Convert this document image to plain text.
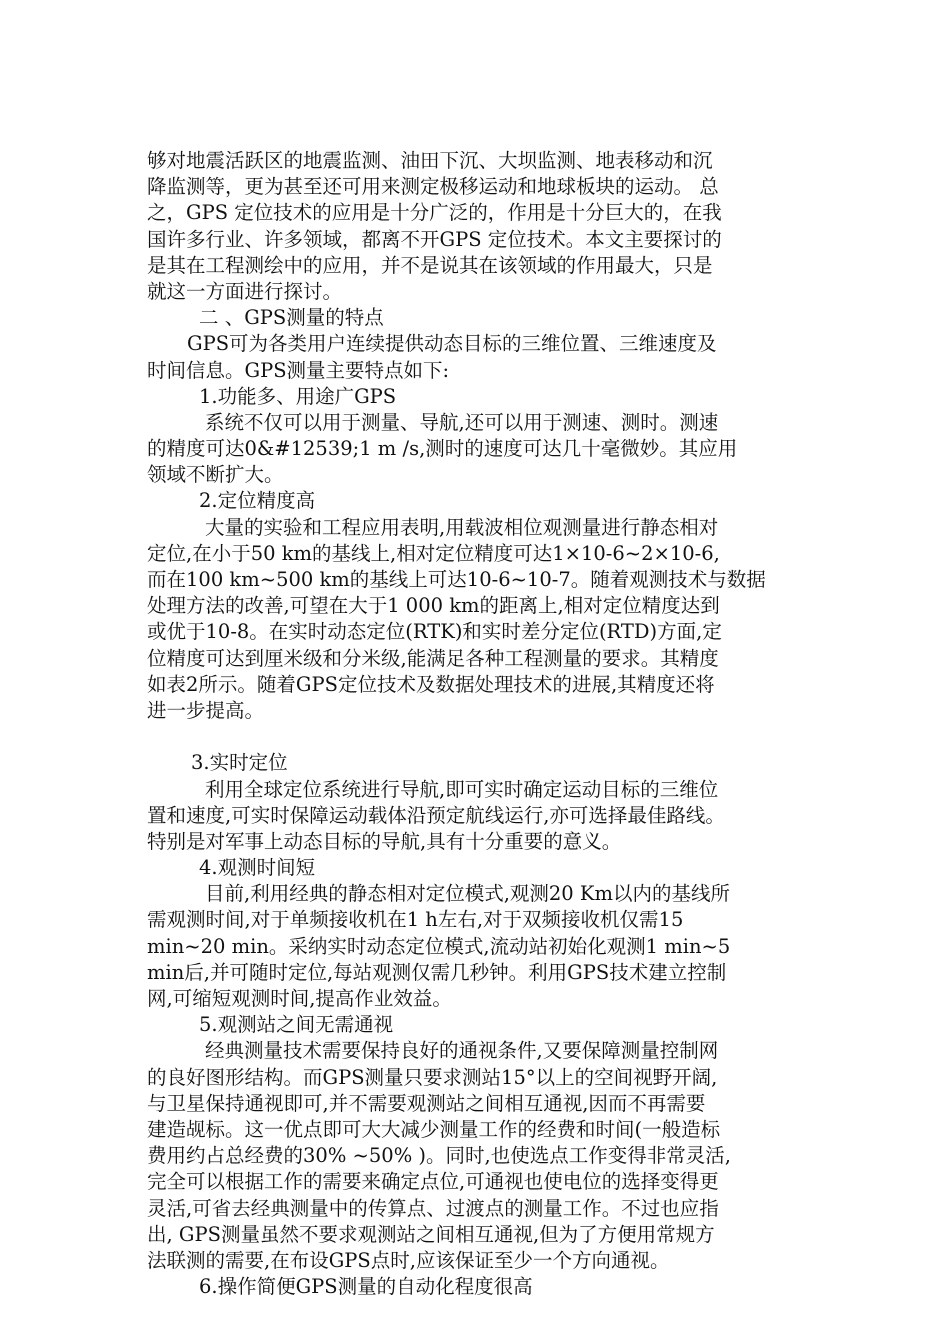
够对地震活跃区的地震监测、油田下沉、大坝监测、地表移动和沉
降监测等，更为甚至还可用来测定极移运动和地球板块的运动。 总
之，GPS 定位技术的应用是十分广泛的，作用是十分巨大的，在我
国许多行业、许多领域，都离不开GPS 定位技术。本文主要探讨的
是其在工程测绘中的应用，并不是说其在该领域的作用最大，只是
就这一方面进行探讨。
二 、GPS测量的特点
GPS可为各类用户连续提供动态目标的三维位置、三维速度及
时间信息。GPS测量主要特点如下:
1.功能多、用途广GPS
系统不仅可以用于测量、导航,还可以用于测速、测时。测速
的精度可达0&#12539;1 m /s,测时的速度可达几十毫微妙。其应用
领域不断扩大。
2.定位精度高
大量的实验和工程应用表明,用载波相位观测量进行静态相对
定位,在小于50 km的基线上,相对定位精度可达1×10-6~2×10-6,
而在100 km~500 km的基线上可达10-6~10-7。随着观测技术与数据
处理方法的改善,可望在大于1 000 km的距离上,相对定位精度达到
或优于10-8。在实时动态定位(RTK)和实时差分定位(RTD)方面,定
位精度可达到厘米级和分米级,能满足各种工程测量的要求。其精度
如表2所示。随着GPS定位技术及数据处理技术的进展,其精度还将
进一步提高。
3.实时定位
利用全球定位系统进行导航,即可实时确定运动目标的三维位
置和速度,可实时保障运动载体沿预定航线运行,亦可选择最佳路线。
特别是对军事上动态目标的导航,具有十分重要的意义。
4.观测时间短
目前,利用经典的静态相对定位模式,观测20 Km以内的基线所
需观测时间,对于单频接收机在1 h左右,对于双频接收机仅需15
min~20 min。采纳实时动态定位模式,流动站初始化观测1 min~5
min后,并可随时定位,每站观测仅需几秒钟。利用GPS技术建立控制
网,可缩短观测时间,提高作业效益。
5.观测站之间无需通视
经典测量技术需要保持良好的通视条件,又要保障测量控制网
的良好图形结构。而GPS测量只要求测站15°以上的空间视野开阔,
与卫星保持通视即可,并不需要观测站之间相互通视,因而不再需要
建造觇标。这一优点即可大大减少测量工作的经费和时间(一般造标
费用约占总经费的30% ~50% )。同时,也使选点工作变得非常灵活,
完全可以根据工作的需要来确定点位,可通视也使电位的选择变得更
灵活,可省去经典测量中的传算点、过渡点的测量工作。不过也应指
出, GPS测量虽然不要求观测站之间相互通视,但为了方便用常规方
法联测的需要,在布设GPS点时,应该保证至少一个方向通视。
6.操作简便GPS测量的自动化程度很高
